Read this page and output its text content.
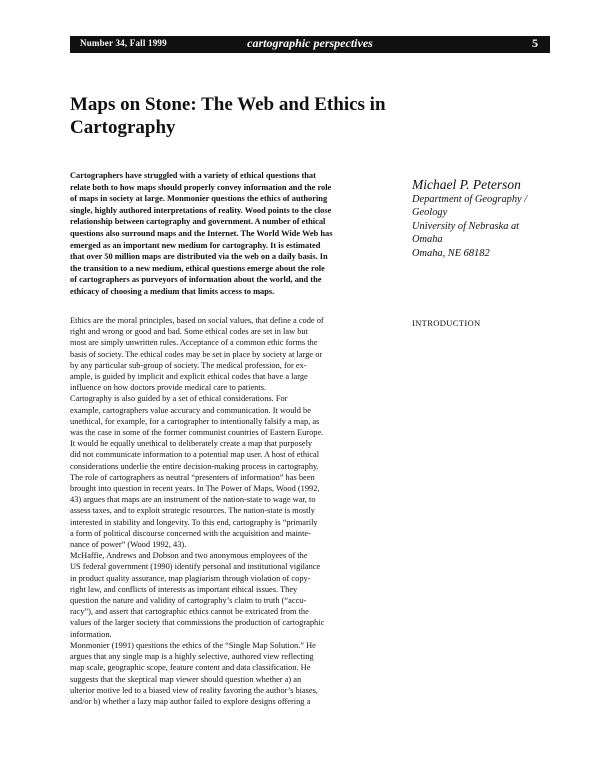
Number 34, Fall 1999	cartographic perspectives	5
Maps on Stone: The Web and Ethics in
Cartography
Cartographers have struggled with a variety of ethical questions that
relate both to how maps should properly convey information and the role
of maps in society at large. Monmonier questions the ethics of authoring
single, highly authored interpretations of reality. Wood points to the close
relationship between cartography and government. A number of ethical
questions also surround maps and the Internet. The World Wide Web has
emerged as an important new medium for cartography. It is estimated
that over 50 million maps are distributed via the web on a daily basis. In
the transition to a new medium, ethical questions emerge about the role
of cartographers as purveyors of information about the world, and the
ethicacy of choosing a medium that limits access to maps.
Michael P. Peterson
Department of Geography /
Geology
University of Nebraska at
Omaha
Omaha, NE 68182
INTRODUCTION
Ethics are the moral principles, based on social values, that define a code of
right and wrong or good and bad. Some ethical codes are set in law but
most are simply unwritten rules. Acceptance of a common ethic forms the
basis of society. The ethical codes may be set in place by society at large or
by any particular sub-group of society. The medical profession, for ex-
ample, is guided by implicit and explicit ethical codes that have a large
influence on how doctors provide medical care to patients.
Cartography is also guided by a set of ethical considerations. For
example, cartographers value accuracy and communication. It would be
unethical, for example, for a cartographer to intentionally falsify a map, as
was the case in some of the former communist countries of Eastern Europe.
It would be equally unethical to deliberately create a map that purposely
did not communicate information to a potential map user. A host of ethical
considerations underlie the entire decision-making process in cartography.
The role of cartographers as neutral “presenters of information” has been
brought into question in recent years. In The Power of Maps, Wood (1992,
43) argues that maps are an instrument of the nation-state to wage war, to
assess taxes, and to exploit strategic resources. The nation-state is mostly
interested in stability and longevity. To this end, cartography is “primarily
a form of political discourse concerned with the acquisition and mainte-
nance of power” (Wood 1992, 43).
McHaffie, Andrews and Dobson and two anonymous employees of the
US federal government (1990) identify personal and institutional vigilance
in product quality assurance, map plagiarism through violation of copy-
right law, and conflicts of interests as important ethical issues. They
question the nature and validity of cartography’s claim to truth (“accu-
racy”), and assert that cartographic ethics cannot be extricated from the
values of the larger society that commissions the production of cartographic
information.
Monmonier (1991) questions the ethics of the “Single Map Solution.” He
argues that any single map is a highly selective, authored view reflecting
map scale, geographic scope, feature content and data classification. He
suggests that the skeptical map viewer should question whether a) an
ulterior motive led to a biased view of reality favoring the author’s biases,
and/or b) whether a lazy map author failed to explore designs offering a
